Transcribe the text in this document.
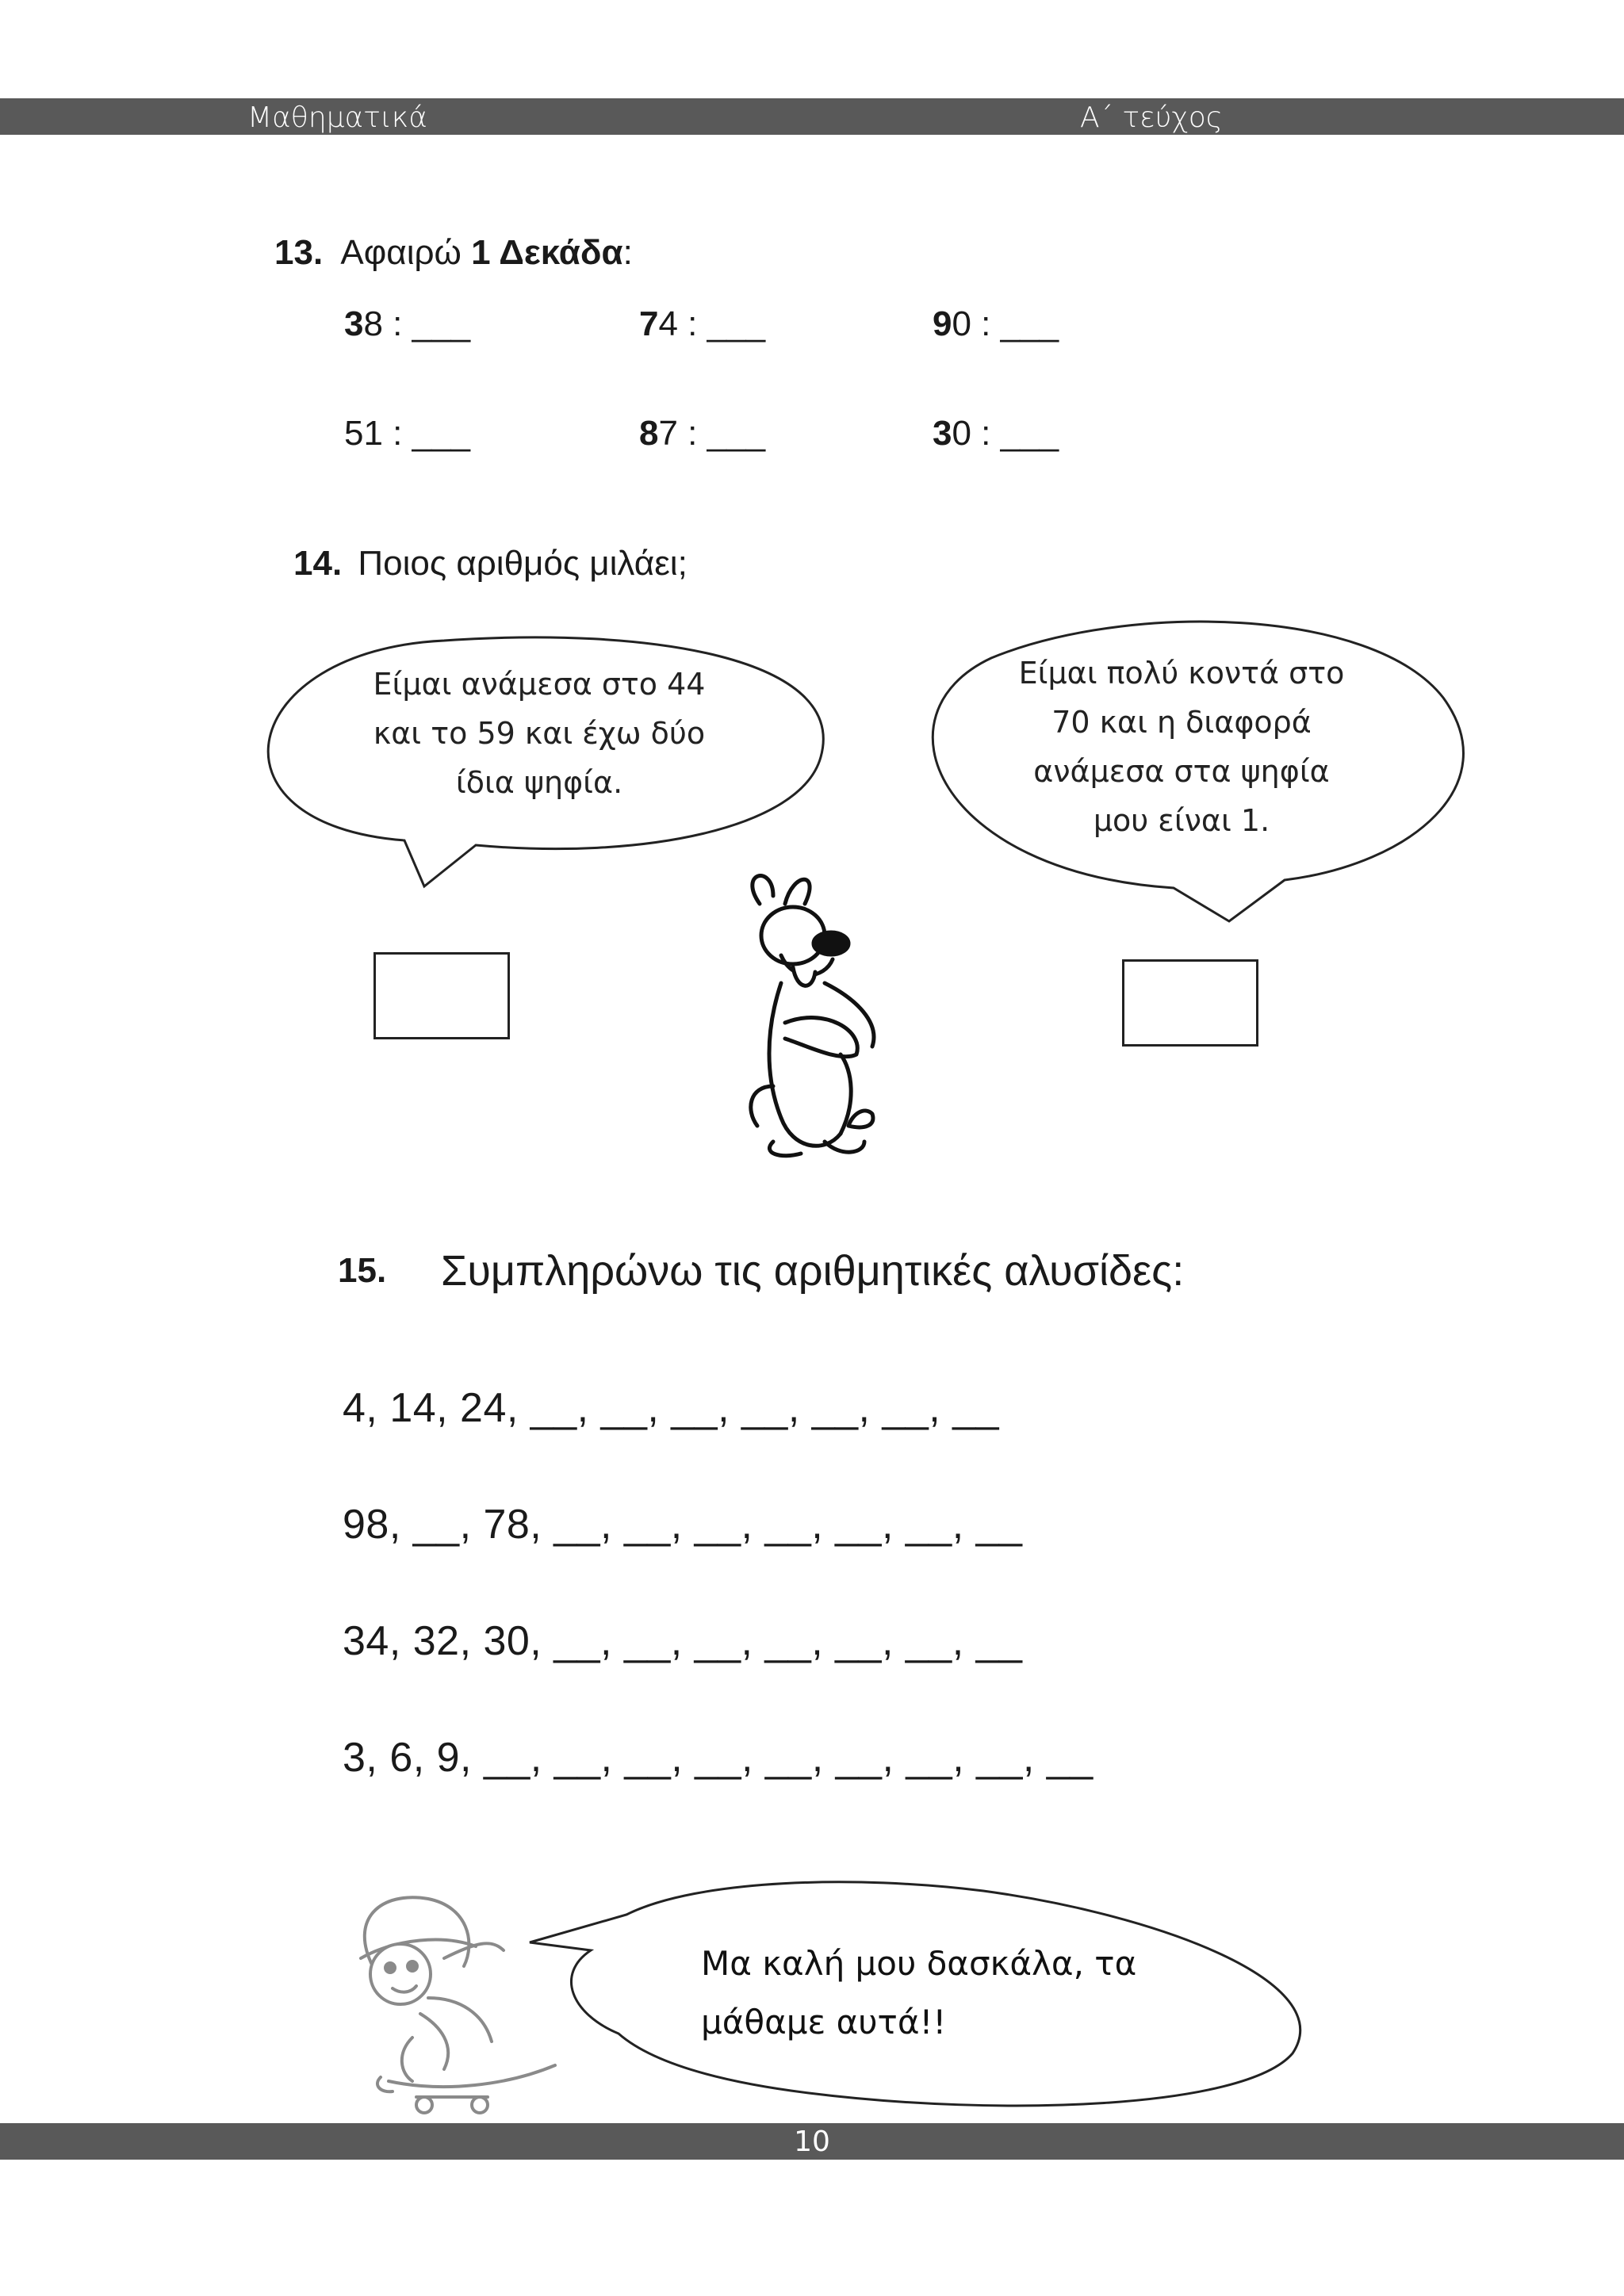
Μαθηματικά	Α΄ τεύχος
13. Αφαιρώ 1 Δεκάδα:
38 : ___	74 : ___	90 : ___
51 : ___	87 : ___	30 : ___
14. Ποιος αριθμός μιλάει;
Είμαι ανάμεσα στο 44
και το 59 και έχω δύο
ίδια ψηφία.
Είμαι πολύ κοντά στο
70 και η διαφορά
ανάμεσα στα ψηφία
μου είναι 1.
15. Συμπληρώνω τις αριθμητικές αλυσίδες:
4, 14, 24, __, __, __, __, __, __, __
98, __, 78, __, __, __, __, __, __, __
34, 32, 30, __, __, __, __, __, __, __
3, 6, 9, __, __, __, __, __, __, __, __, __
Μα καλή μου δασκάλα, τα
μάθαμε αυτά!!
10
